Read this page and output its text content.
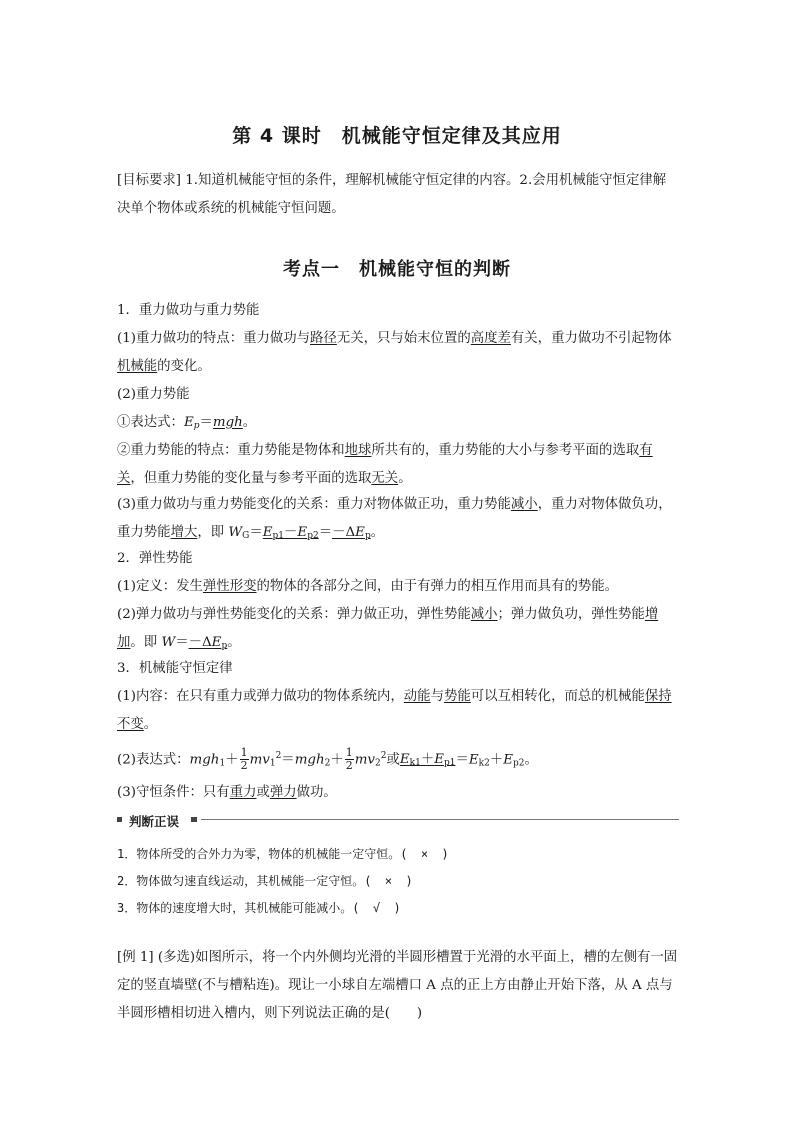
第 4 课时　机械能守恒定律及其应用
[目标要求] 1.知道机械能守恒的条件，理解机械能守恒定律的内容。2.会用机械能守恒定律解决单个物体或系统的机械能守恒问题。
考点一　机械能守恒的判断
1．重力做功与重力势能
(1)重力做功的特点：重力做功与路径无关，只与始末位置的高度差有关，重力做功不引起物体机械能的变化。
(2)重力势能
①表达式：$E_p=mgh$。
②重力势能的特点：重力势能是物体和地球所共有的，重力势能的大小与参考平面的选取有关，但重力势能的变化量与参考平面的选取无关。
(3)重力做功与重力势能变化的关系：重力对物体做正功，重力势能减小，重力对物体做负功，重力势能增大，即 $W_G=E_{p1}-E_{p2}=-\Delta E_p$。
2．弹性势能
(1)定义：发生弹性形变的物体的各部分之间，由于有弹力的相互作用而具有的势能。
(2)弹力做功与弹性势能变化的关系：弹力做正功，弹性势能减小；弹力做负功，弹性势能增加。即 $W=-\Delta E_p$。
3．机械能守恒定律
(1)内容：在只有重力或弹力做功的物体系统内，动能与势能可以互相转化，而总的机械能保持不变。
(2)表达式：$mgh_1+ \frac{1}{2} mv_1^2=mgh_2+ \frac{1}{2} mv_2^2$或$E_{k1}+E_{p1}=E_{k2}+E_{p2}$。
(3)守恒条件：只有重力或弹力做功。
判断正误
1．物体所受的合外力为零，物体的机械能一定守恒。( × )
2．物体做匀速直线运动，其机械能一定守恒。( × )
3．物体的速度增大时，其机械能可能减小。( √ )
[例 1] (多选)如图所示，将一个内外侧均光滑的半圆形槽置于光滑的水平面上，槽的左侧有一固定的竖直墙壁(不与槽粘连)。现让一小球自左端槽口 A 点的正上方由静止开始下落，从 A 点与半圆形槽相切进入槽内，则下列说法正确的是(　　)
